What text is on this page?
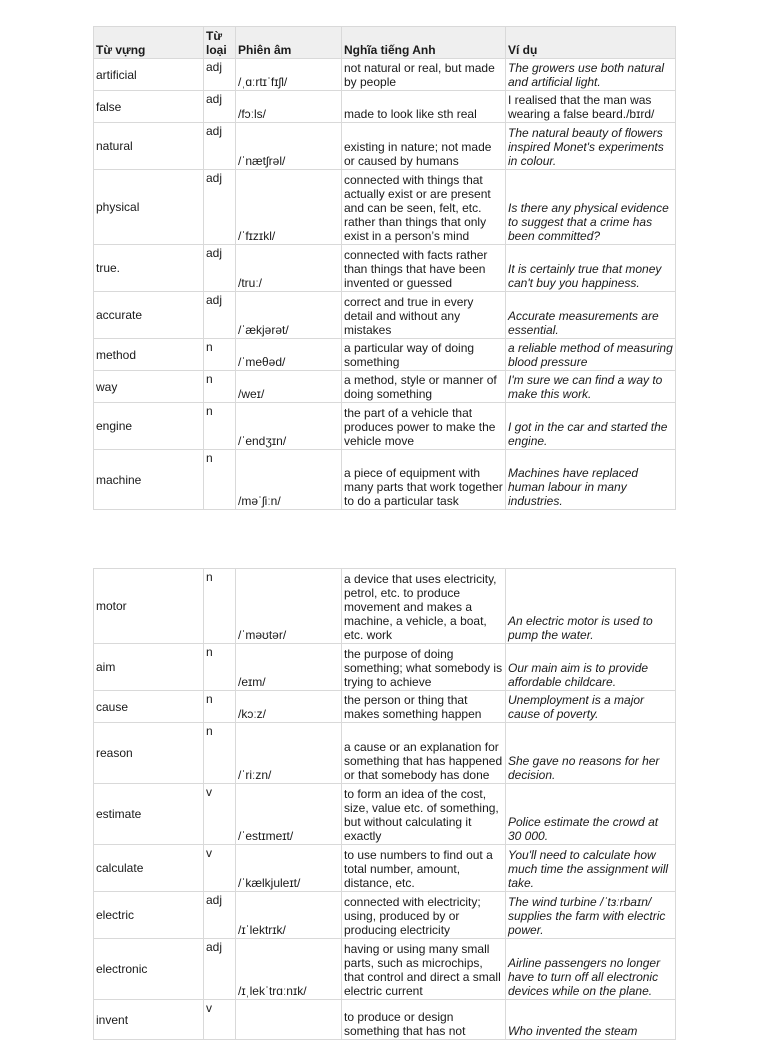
Từ vựng	Từ loại	Phiên âm	Nghĩa tiếng Anh	Ví dụ
artificial	adj	/ˌɑːrtɪˈfɪʃl/	not natural or real, but made by people	The growers use both natural and artificial light.
false	adj	/fɔːls/	made to look like sth real	I realised that the man was wearing a false beard./bɪrd/
natural	adj	/ˈnætʃrəl/	existing in nature; not made or caused by humans	The natural beauty of flowers inspired Monet's experiments in colour.
physical	adj	/ˈfɪzɪkl/	connected with things that actually exist or are present and can be seen, felt, etc. rather than things that only exist in a person’s mind	Is there any physical evidence to suggest that a crime has been committed?
true.	adj	/truː/	connected with facts rather than things that have been invented or guessed	It is certainly true that money can't buy you happiness.
accurate	adj	/ˈækjərət/	correct and true in every detail and without any mistakes	Accurate measurements are essential.
method	n	/ˈmeθəd/	a particular way of doing something	a reliable method of measuring blood pressure
way	n	/weɪ/	a method, style or manner of doing something	I'm sure we can find a way to make this work.
engine	n	/ˈendʒɪn/	the part of a vehicle that produces power to make the vehicle move	I got in the car and started the engine.
machine	n	/məˈʃiːn/	a piece of equipment with many parts that work together to do a particular task	Machines have replaced human labour in many industries.
motor	n	/ˈməʊtər/	a device that uses electricity, petrol, etc. to produce movement and makes a machine, a vehicle, a boat, etc. work	An electric motor is used to pump the water.
aim	n	/eɪm/	the purpose of doing something; what somebody is trying to achieve	Our main aim is to provide affordable childcare.
cause	n	/kɔːz/	the person or thing that makes something happen	Unemployment is a major cause of poverty.
reason	n	/ˈriːzn/	a cause or an explanation for something that has happened or that somebody has done	She gave no reasons for her decision.
estimate	v	/ˈestɪmeɪt/	to form an idea of the cost, size, value etc. of something, but without calculating it exactly	Police estimate the crowd at 30 000.
calculate	v	/ˈkælkjuleɪt/	to use numbers to find out a total number, amount, distance, etc.	You'll need to calculate how much time the assignment will take.
electric	adj	/ɪˈlektrɪk/	connected with electricity; using, produced by or producing electricity	The wind turbine /ˈtɜːrbaɪn/ supplies the farm with electric power.
electronic	adj	/ɪˌlekˈtrɑːnɪk/	having or using many small parts, such as microchips, that control and direct a small electric current	Airline passengers no longer have to turn off all electronic devices while on the plane.
invent	v		to produce or design something that has not	Who invented the steam
